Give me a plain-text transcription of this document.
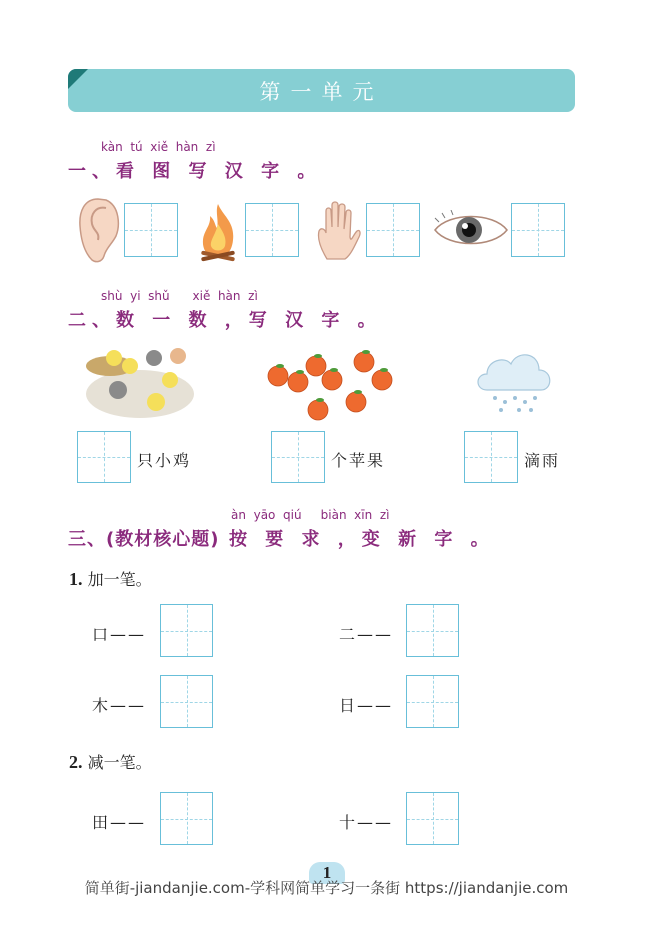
第一单元
kàn  tú  xiě  hàn  zì
一、看 图 写 汉 字 。
shù  yi  shǔ      xiě  hàn  zì
二、数 一 数 ，写 汉 字 。
只小鸡	个苹果	滴雨
àn  yāo  qiú     biàn  xīn  zì
三、(教材核心题) 按 要 求 ，变 新 字 。
1. 加一笔。
口——	二——
木——	日——
2. 减一笔。
田——	十——
1
简单街-jiandanjie.com-学科网简单学习一条街 https://jiandanjie.com
